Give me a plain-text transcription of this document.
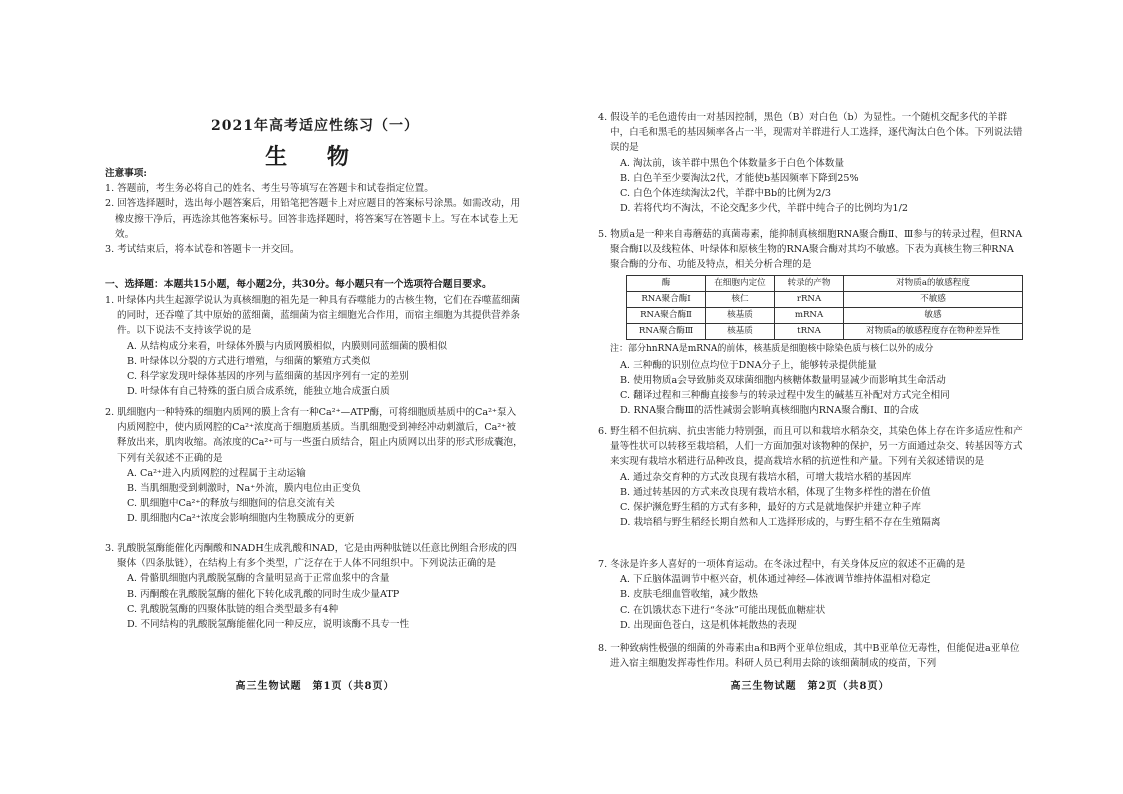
2021年高考适应性练习（一）
生 物
注意事项:
1. 答题前，考生务必将自己的姓名、考生号等填写在答题卡和试卷指定位置。
2. 回答选择题时，选出每小题答案后，用铅笔把答题卡上对应题目的答案标号涂黑。如需改动，用橡皮擦干净后，再选涂其他答案标号。回答非选择题时，将答案写在答题卡上。写在本试卷上无效。
3. 考试结束后，将本试卷和答题卡一并交回。
一、选择题：本题共15小题，每小题2分，共30分。每小题只有一个选项符合题目要求。
1. 叶绿体内共生起源学说认为真核细胞的祖先是一种具有吞噬能力的古核生物，它们在吞噬蓝细菌的同时，还吞噬了其中原始的蓝细菌，蓝细菌为宿主细胞光合作用，而宿主细胞为其提供营养条件。以下说法不支持该学说的是
A. 从结构成分来看，叶绿体外膜与内质网膜相似，内膜则同蓝细菌的膜相似
B. 叶绿体以分裂的方式进行增殖，与细菌的繁殖方式类似
C. 科学家发现叶绿体基因的序列与蓝细菌的基因序列有一定的差别
D. 叶绿体有自己特殊的蛋白质合成系统，能独立地合成蛋白质
2. 肌细胞内一种特殊的细胞内质网的膜上含有一种Ca²⁺—ATP酶，可将细胞质基质中的Ca²⁺泵入内质网腔中，使内质网腔的Ca²⁺浓度高于细胞质基质。当肌细胞受到神经冲动刺激后，Ca²⁺被释放出来，肌肉收缩。高浓度的Ca²⁺可与一些蛋白质结合，阻止内质网以出芽的形式形成囊泡，下列有关叙述不正确的是
A. Ca²⁺进入内质网腔的过程属于主动运输
B. 当肌细胞受到刺激时，Na⁺外流，膜内电位由正变负
C. 肌细胞中Ca²⁺的释放与细胞间的信息交流有关
D. 肌细胞内Ca²⁺浓度会影响细胞内生物膜成分的更新
3. 乳酸脱氢酶能催化丙酮酸和NADH生成乳酸和NAD，它是由两种肽链以任意比例组合形成的四聚体（四条肽链），在结构上有多个类型，广泛存在于人体不同组织中。下列说法正确的是
A. 骨骼肌细胞内乳酸脱氢酶的含量明显高于正常血浆中的含量
B. 丙酮酸在乳酸脱氢酶的催化下转化成乳酸的同时生成少量ATP
C. 乳酸脱氢酶的四聚体肽链的组合类型最多有4种
D. 不同结构的乳酸脱氢酶能催化同一种反应，说明该酶不具专一性
高三生物试题　第1页（共8页）
4. 假设羊的毛色遗传由一对基因控制，黑色（B）对白色（b）为显性。一个随机交配多代的羊群中，白毛和黑毛的基因频率各占一半，现需对羊群进行人工选择，逐代淘汰白色个体。下列说法错误的是
A. 淘汰前，该羊群中黑色个体数量多于白色个体数量
B. 白色羊至少要淘汰2代，才能使b基因频率下降到25%
C. 白色个体连续淘汰2代，羊群中Bb的比例为2/3
D. 若将代均不淘汰，不论交配多少代，羊群中纯合子的比例均为1/2
5. 物质a是一种来自毒蘑菇的真菌毒素，能抑制真核细胞RNA聚合酶Ⅱ、Ⅲ参与的转录过程，但RNA聚合酶Ⅰ以及线粒体、叶绿体和原核生物的RNA聚合酶对其均不敏感。下表为真核生物三种RNA聚合酶的分布、功能及特点，相关分析合理的是
酶	在细胞内定位	转录的产物	对物质a的敏感程度
RNA聚合酶Ⅰ	核仁	rRNA	不敏感
RNA聚合酶Ⅱ	核基质	mRNA	敏感
RNA聚合酶Ⅲ	核基质	tRNA	对物质a的敏感程度存在物种差异性
注：部分hnRNA是mRNA的前体，核基质是细胞核中除染色质与核仁以外的成分
A. 三种酶的识别位点均位于DNA分子上，能够转录提供能量
B. 使用物质a会导致肺炎双球菌细胞内核糖体数量明显减少而影响其生命活动
C. 翻译过程和三种酶直接参与的转录过程中发生的碱基互补配对方式完全相同
D. RNA聚合酶Ⅲ的活性减弱会影响真核细胞内RNA聚合酶Ⅰ、Ⅱ的合成
6. 野生稻不但抗病、抗虫害能力特别强，而且可以和栽培水稻杂交，其染色体上存在许多适应性和产量等性状可以转移至栽培稻，人们一方面加强对该物种的保护，另一方面通过杂交、转基因等方式来实现有栽培水稻进行品种改良，提高栽培水稻的抗逆性和产量。下列有关叙述错误的是
A. 通过杂交育种的方式改良现有栽培水稻，可增大栽培水稻的基因库
B. 通过转基因的方式来改良现有栽培水稻，体现了生物多样性的潜在价值
C. 保护濒危野生稻的方式有多种，最好的方式是就地保护并建立种子库
D. 栽培稻与野生稻经长期自然和人工选择形成的，与野生稻不存在生殖隔离
7. 冬泳是许多人喜好的一项体育运动。在冬泳过程中，有关身体反应的叙述不正确的是
A. 下丘脑体温调节中枢兴奋，机体通过神经—体液调节维持体温相对稳定
B. 皮肤毛细血管收缩，减少散热
C. 在饥饿状态下进行“冬泳”可能出现低血糖症状
D. 出现面色苍白，这是机体耗散热的表现
8. 一种致病性极强的细菌的外毒素由a和B两个亚单位组成，其中B亚单位无毒性，但能促进a亚单位进入宿主细胞发挥毒性作用。科研人员已利用去除的该细菌制成的疫苗，下列
高三生物试题　第2页（共8页）
